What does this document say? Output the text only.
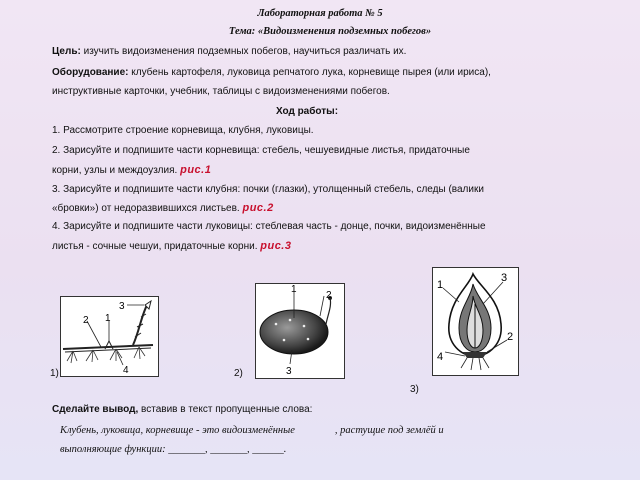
Лабораторная работа № 5
Тема: «Видоизменения подземных побегов»
Цель: изучить видоизменения подземных побегов, научиться различать их.
Оборудование: клубень картофеля, луковица репчатого лука, корневище пырея (или ириса),
инструктивные карточки, учебник, таблицы с видоизменениями побегов.
Ход работы:
1. Рассмотрите строение корневища, клубня, луковицы.
2. Зарисуйте и подпишите части корневища: стебель, чешуевидные листья, придаточные
корни, узлы и междоузлия. рис.1
3. Зарисуйте и подпишите части клубня: почки (глазки), утолщенный стебель, следы (валики
«бровки») от недоразвившихся листьев. рис.2
4. Зарисуйте и подпишите части луковицы: стеблевая часть - донце, почки, видоизменённые
листья - сочные чешуи, придаточные корни. рис.3
2 1
3
4
1)
1
2
3
2)
1
2
3
4
3)
Сделайте вывод, вставив в текст пропущенные слова:
Клубень, луковица, корневище - это видоизменённые	, растущие под землёй и
выполняющие функции: _______, _______, ______.
